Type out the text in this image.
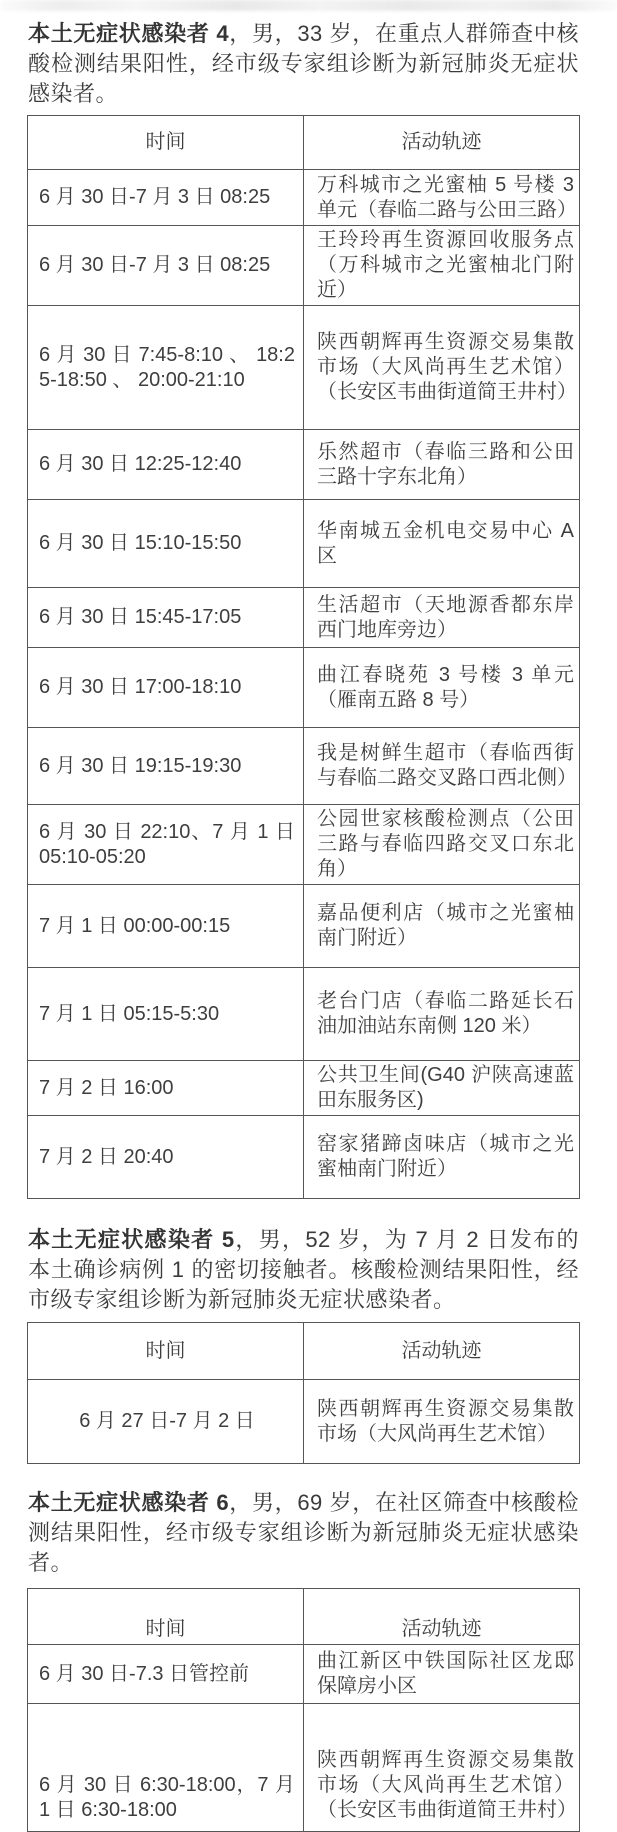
本土无症状感染者 4，男，33 岁，在重点人群筛查中核酸检测结果阳性，经市级专家组诊断为新冠肺炎无症状感染者。

时间	活动轨迹
6 月 30 日-7 月 3 日 08:25	万科城市之光蜜柚 5 号楼 3 单元（春临二路与公田三路）
6 月 30 日-7 月 3 日 08:25	王玲玲再生资源回收服务点（万科城市之光蜜柚北门附近）
6 月 30 日 7:45-8:10 、 18:25-18:50 、 20:00-21:10	陕西朝辉再生资源交易集散市场（大风尚再生艺术馆）（长安区韦曲街道简王井村）
6 月 30 日 12:25-12:40	乐然超市（春临三路和公田三路十字东北角）
6 月 30 日 15:10-15:50	华南城五金机电交易中心 A 区
6 月 30 日 15:45-17:05	生活超市（天地源香都东岸西门地库旁边）
6 月 30 日 17:00-18:10	曲江春晓苑 3 号楼 3 单元（雁南五路 8 号）
6 月 30 日 19:15-19:30	我是树鲜生超市（春临西街与春临二路交叉路口西北侧）
6 月 30 日 22:10、7 月 1 日 05:10-05:20	公园世家核酸检测点（公田三路与春临四路交叉口东北角）
7 月 1 日 00:00-00:15	嘉品便利店（城市之光蜜柚南门附近）
7 月 1 日 05:15-5:30	老台门店（春临二路延长石油加油站东南侧 120 米）
7 月 2 日 16:00	公共卫生间(G40 沪陕高速蓝田东服务区)
7 月 2 日 20:40	窑家猪蹄卤味店（城市之光蜜柚南门附近）

本土无症状感染者 5，男，52 岁，为 7 月 2 日发布的本土确诊病例 1 的密切接触者。核酸检测结果阳性，经市级专家组诊断为新冠肺炎无症状感染者。

时间	活动轨迹
6 月 27 日-7 月 2 日	陕西朝辉再生资源交易集散市场（大风尚再生艺术馆）

本土无症状感染者 6，男，69 岁，在社区筛查中核酸检测结果阳性，经市级专家组诊断为新冠肺炎无症状感染者。

时间	活动轨迹
6 月 30 日-7.3 日管控前	曲江新区中铁国际社区龙邸保障房小区
6 月 30 日 6:30-18:00，7 月 1 日 6:30-18:00	陕西朝辉再生资源交易集散市场（大风尚再生艺术馆）（长安区韦曲街道简王井村）
